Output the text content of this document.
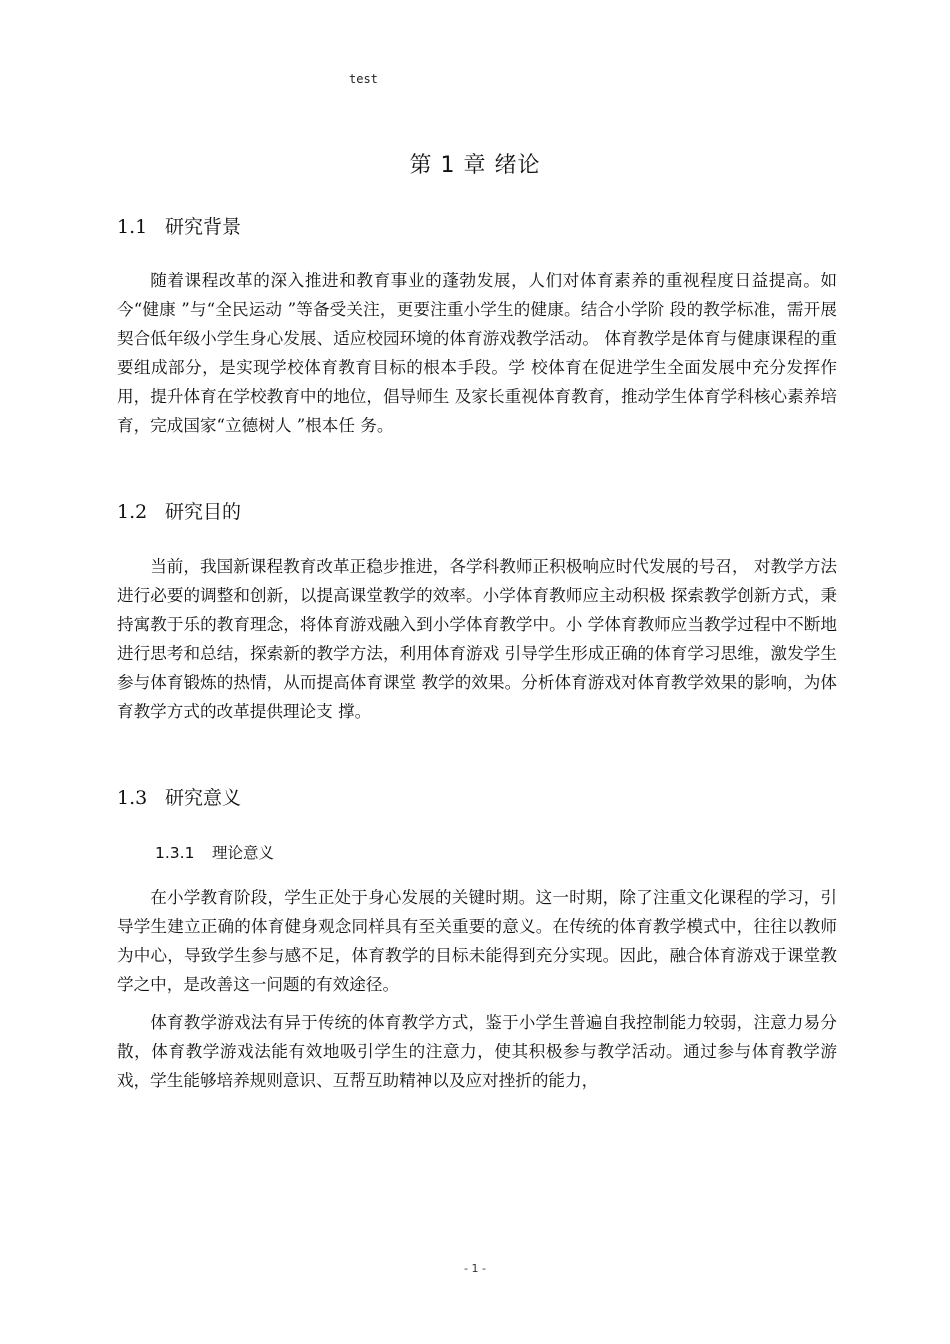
test
第 1 章 绪论
1.1 研究背景

随着课程改革的深入推进和教育事业的蓬勃发展，人们对体育素养的重视程度日益提高。如今“健康 ”与“全民运动 ”等备受关注，更要注重小学生的健康。结合小学阶 段的教学标准，需开展契合低年级小学生身心发展、适应校园环境的体育游戏教学活动。 体育教学是体育与健康课程的重要组成部分，是实现学校体育教育目标的根本手段。学 校体育在促进学生全面发展中充分发挥作用，提升体育在学校教育中的地位，倡导师生 及家长重视体育教育，推动学生体育学科核心素养培育，完成国家“立德树人 ”根本任 务。

1.2 研究目的

当前，我国新课程教育改革正稳步推进，各学科教师正积极响应时代发展的号召， 对教学方法进行必要的调整和创新，以提高课堂教学的效率。小学体育教师应主动积极 探索教学创新方式，秉持寓教于乐的教育理念，将体育游戏融入到小学体育教学中。小 学体育教师应当教学过程中不断地进行思考和总结，探索新的教学方法，利用体育游戏 引导学生形成正确的体育学习思维，激发学生参与体育锻炼的热情，从而提高体育课堂 教学的效果。分析体育游戏对体育教学效果的影响，为体育教学方式的改革提供理论支 撑。

1.3 研究意义
1.3.1 理论意义

在小学教育阶段，学生正处于身心发展的关键时期。这一时期，除了注重文化课程的学习，引导学生建立正确的体育健身观念同样具有至关重要的意义。在传统的体育教学模式中，往往以教师为中心，导致学生参与感不足，体育教学的目标未能得到充分实现。因此，融合体育游戏于课堂教学之中，是改善这一问题的有效途径。

体育教学游戏法有异于传统的体育教学方式，鉴于小学生普遍自我控制能力较弱，注意力易分散，体育教学游戏法能有效地吸引学生的注意力，使其积极参与教学活动。通过参与体育教学游戏，学生能够培养规则意识、互帮互助精神以及应对挫折的能力，

- 1 -
